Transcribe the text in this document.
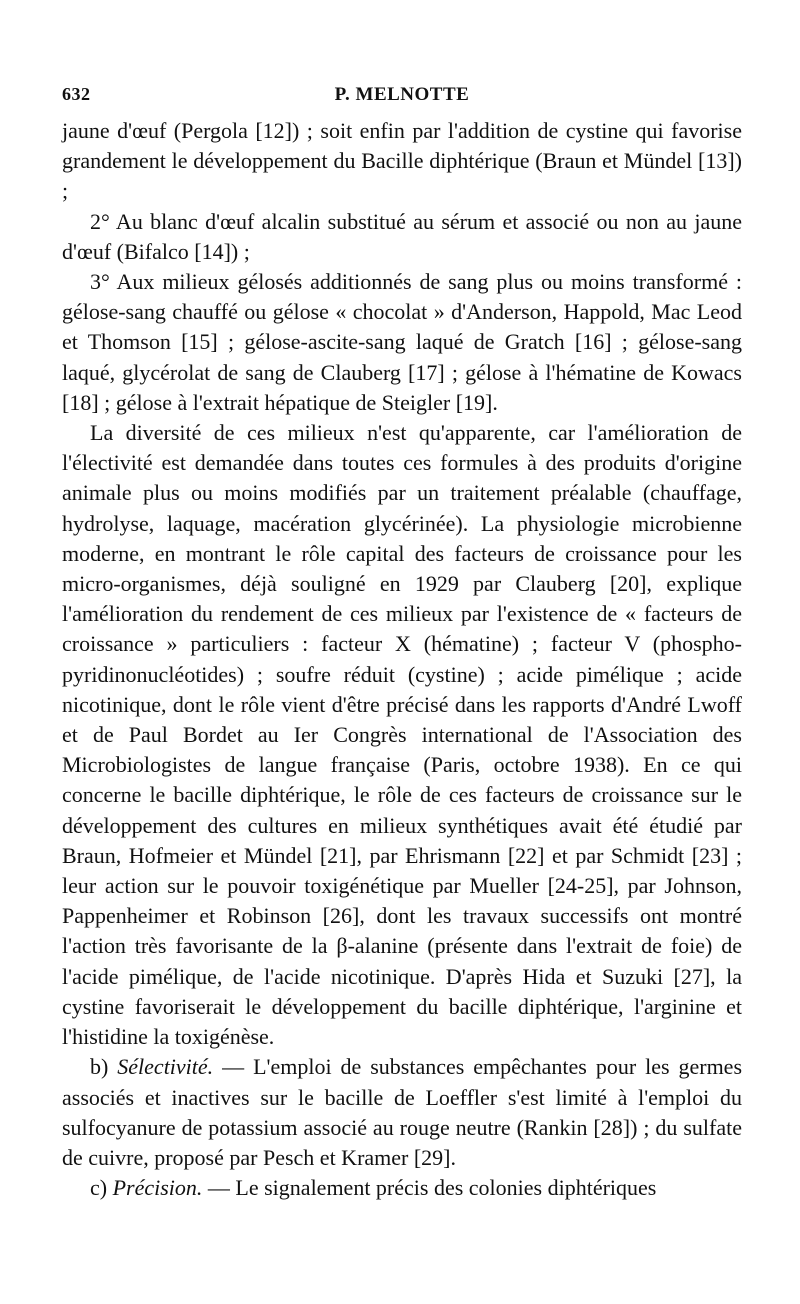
632	P. MELNOTTE

jaune d'œuf (Pergola [12]) ; soit enfin par l'addition de cystine qui favorise grandement le développement du Bacille diphtérique (Braun et Mündel [13]) ;

2° Au blanc d'œuf alcalin substitué au sérum et associé ou non au jaune d'œuf (Bifalco [14]) ;

3° Aux milieux gélosés additionnés de sang plus ou moins transformé : gélose-sang chauffé ou gélose « chocolat » d'Anderson, Happold, Mac Leod et Thomson [15] ; gélose-ascite-sang laqué de Gratch [16] ; gélose-sang laqué, glycérolat de sang de Clauberg [17] ; gélose à l'hématine de Kowacs [18] ; gélose à l'extrait hépatique de Steigler [19].

La diversité de ces milieux n'est qu'apparente, car l'amélioration de l'électivité est demandée dans toutes ces formules à des produits d'origine animale plus ou moins modifiés par un traitement préalable (chauffage, hydrolyse, laquage, macération glycérinée). La physiologie microbienne moderne, en montrant le rôle capital des facteurs de croissance pour les micro-organismes, déjà souligné en 1929 par Clauberg [20], explique l'amélioration du rendement de ces milieux par l'existence de « facteurs de croissance » particuliers : facteur X (hématine) ; facteur V (phospho-pyridinonucléotides) ; soufre réduit (cystine) ; acide pimélique ; acide nicotinique, dont le rôle vient d'être précisé dans les rapports d'André Lwoff et de Paul Bordet au Ier Congrès international de l'Association des Microbiologistes de langue française (Paris, octobre 1938). En ce qui concerne le bacille diphtérique, le rôle de ces facteurs de croissance sur le développement des cultures en milieux synthétiques avait été étudié par Braun, Hofmeier et Mündel [21], par Ehrismann [22] et par Schmidt [23] ; leur action sur le pouvoir toxigénétique par Mueller [24-25], par Johnson, Pappenheimer et Robinson [26], dont les travaux successifs ont montré l'action très favorisante de la β-alanine (présente dans l'extrait de foie) de l'acide pimélique, de l'acide nicotinique. D'après Hida et Suzuki [27], la cystine favoriserait le développement du bacille diphtérique, l'arginine et l'histidine la toxigénèse.

b) Sélectivité. — L'emploi de substances empêchantes pour les germes associés et inactives sur le bacille de Loeffler s'est limité à l'emploi du sulfocyanure de potassium associé au rouge neutre (Rankin [28]) ; du sulfate de cuivre, proposé par Pesch et Kramer [29].

c) Précision. — Le signalement précis des colonies diphtériques
